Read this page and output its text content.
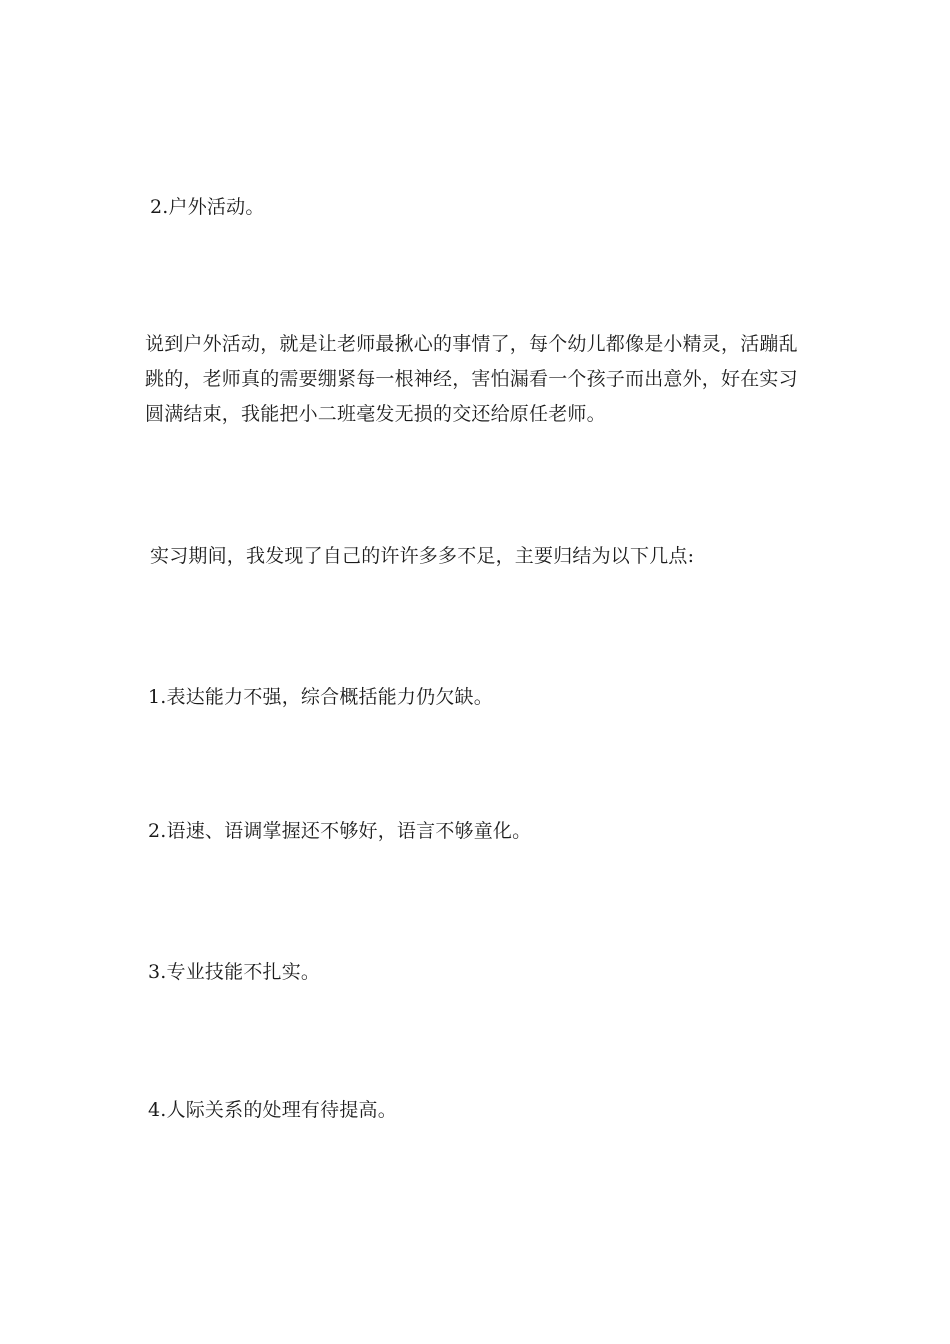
2.户外活动。

说到户外活动，就是让老师最揪心的事情了，每个幼儿都像是小精灵，活蹦乱跳的，老师真的需要绷紧每一根神经，害怕漏看一个孩子而出意外，好在实习圆满结束，我能把小二班毫发无损的交还给原任老师。

实习期间，我发现了自己的许许多多不足，主要归结为以下几点:

1.表达能力不强，综合概括能力仍欠缺。

2.语速、语调掌握还不够好，语言不够童化。

3.专业技能不扎实。

4.人际关系的处理有待提高。
